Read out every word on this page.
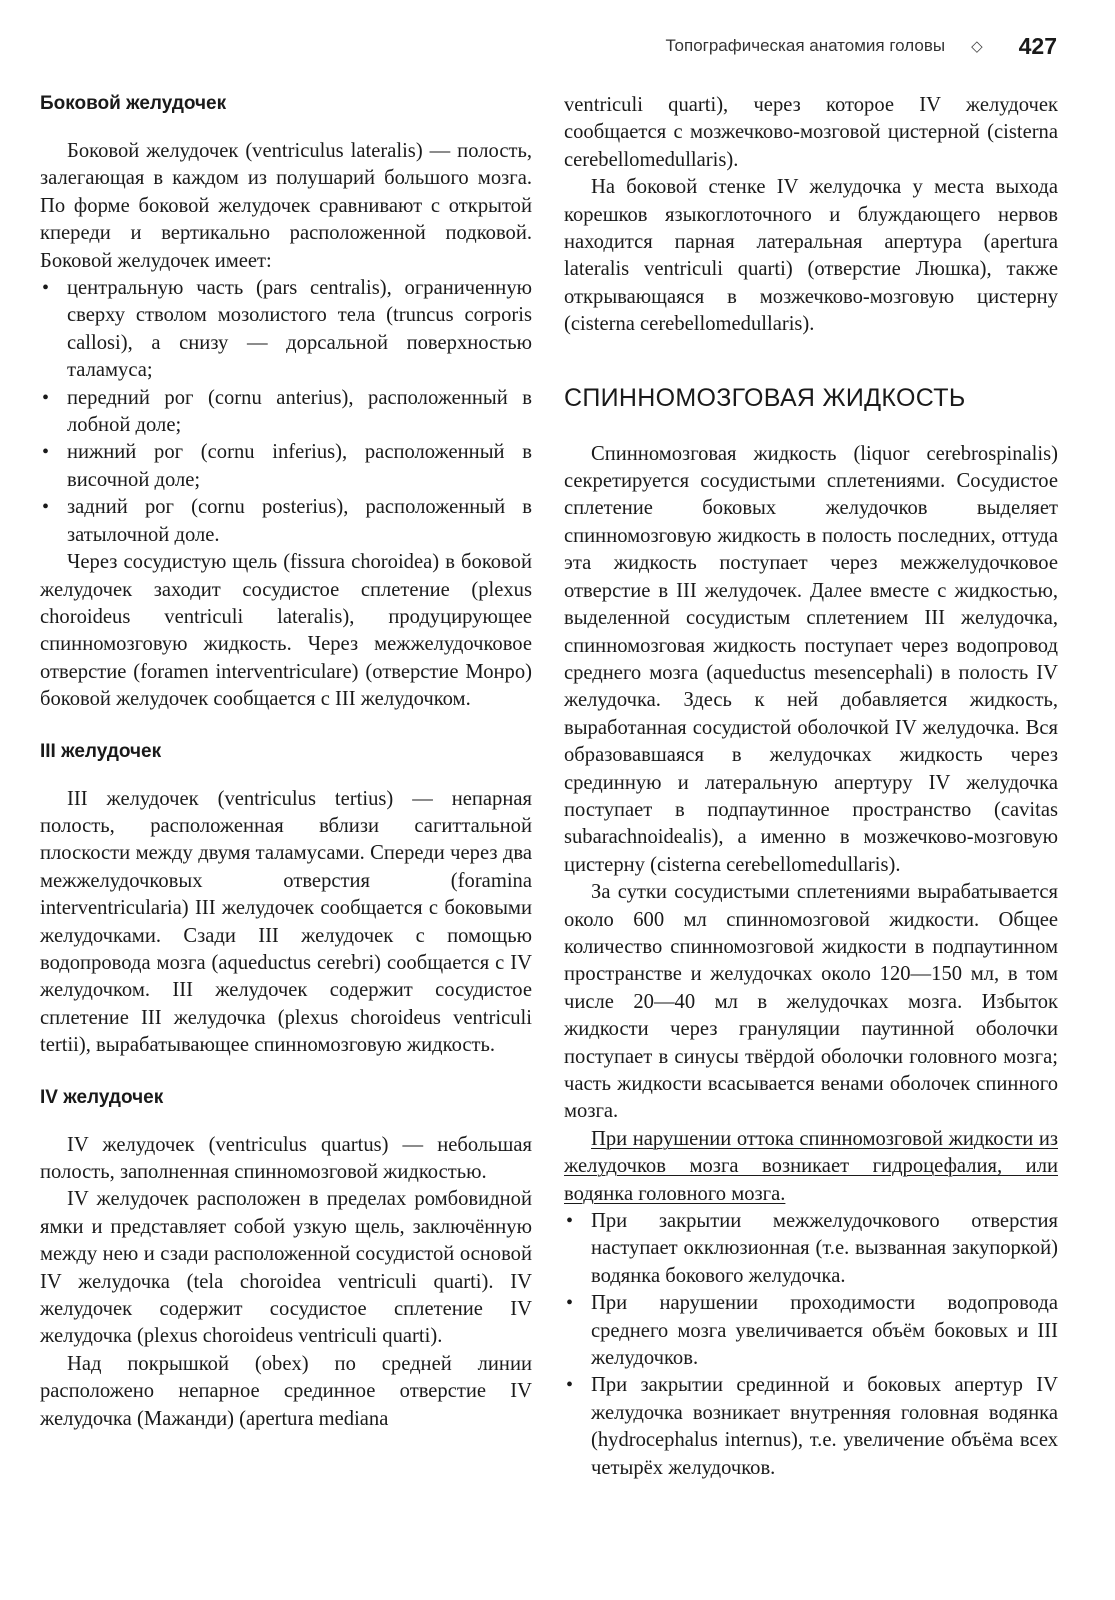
Топографическая анатомия головы ◇ 427
Боковой желудочек

Боковой желудочек (ventriculus lateralis) — полость, залегающая в каждом из полушарий большого мозга. По форме боковой желудочек сравнивают с открытой кпереди и вертикально расположенной подковой. Боковой желудочек имеет:

• центральную часть (pars centralis), ограниченную сверху стволом мозолистого тела (truncus corporis callosi), а снизу — дорсальной поверхностью таламуса;
• передний рог (cornu anterius), расположенный в лобной доле;
• нижний рог (cornu inferius), расположенный в височной доле;
• задний рог (cornu posterius), расположенный в затылочной доле.

Через сосудистую щель (fissura choroidea) в боковой желудочек заходит сосудистое сплетение (plexus choroideus ventriculi lateralis), продуцирующее спинномозговую жидкость. Через межжелудочковое отверстие (foramen interventriculare) (отверстие Монро) боковой желудочек сообщается с III желудочком.

III желудочек

III желудочек (ventriculus tertius) — непарная полость, расположенная вблизи сагиттальной плоскости между двумя таламусами. Спереди через два межжелудочковых отверстия (foramina interventricularia) III желудочек сообщается с боковыми желудочками. Сзади III желудочек с помощью водопровода мозга (aqueductus cerebri) сообщается с IV желудочком. III желудочек содержит сосудистое сплетение III желудочка (plexus choroideus ventriculi tertii), вырабатывающее спинномозговую жидкость.

IV желудочек

IV желудочек (ventriculus quartus) — небольшая полость, заполненная спинномозговой жидкостью.

IV желудочек расположен в пределах ромбовидной ямки и представляет собой узкую щель, заключённую между нею и сзади расположенной сосудистой основой IV желудочка (tela choroidea ventriculi quarti). IV желудочек содержит сосудистое сплетение IV желудочка (plexus choroideus ventriculi quarti).

Над покрышкой (obex) по средней линии расположено непарное срединное отверстие IV желудочка (Мажанди) (apertura mediana

ventriculi quarti), через которое IV желудочек сообщается с мозжечково-мозговой цистерной (cisterna cerebellomedullaris).

На боковой стенке IV желудочка у места выхода корешков языкоглоточного и блуждающего нервов находится парная латеральная апертура (apertura lateralis ventriculi quarti) (отверстие Люшка), также открывающаяся в мозжечково-мозговую цистерну (cisterna cerebellomedullaris).

СПИННОМОЗГОВАЯ ЖИДКОСТЬ

Спинномозговая жидкость (liquor cerebrospinalis) секретируется сосудистыми сплетениями. Сосудистое сплетение боковых желудочков выделяет спинномозговую жидкость в полость последних, оттуда эта жидкость поступает через межжелудочковое отверстие в III желудочек. Далее вместе с жидкостью, выделенной сосудистым сплетением III желудочка, спинномозговая жидкость поступает через водопровод среднего мозга (aqueductus mesencephali) в полость IV желудочка. Здесь к ней добавляется жидкость, выработанная сосудистой оболочкой IV желудочка. Вся образовавшаяся в желудочках жидкость через срединную и латеральную апертуру IV желудочка поступает в подпаутинное пространство (cavitas subarachnoidealis), а именно в мозжечково-мозговую цистерну (cisterna cerebellomedullaris).

За сутки сосудистыми сплетениями вырабатывается около 600 мл спинномозговой жидкости. Общее количество спинномозговой жидкости в подпаутинном пространстве и желудочках около 120—150 мл, в том числе 20—40 мл в желудочках мозга. Избыток жидкости через грануляции паутинной оболочки поступает в синусы твёрдой оболочки головного мозга; часть жидкости всасывается венами оболочек спинного мозга.

При нарушении оттока спинномозговой жидкости из желудочков мозга возникает гидроцефалия, или водянка головного мозга.

• При закрытии межжелудочкового отверстия наступает окклюзионная (т.е. вызванная закупоркой) водянка бокового желудочка.
• При нарушении проходимости водопровода среднего мозга увеличивается объём боковых и III желудочков.
• При закрытии срединной и боковых апертур IV желудочка возникает внутренняя головная водянка (hydrocephalus internus), т.е. увеличение объёма всех четырёх желудочков.
